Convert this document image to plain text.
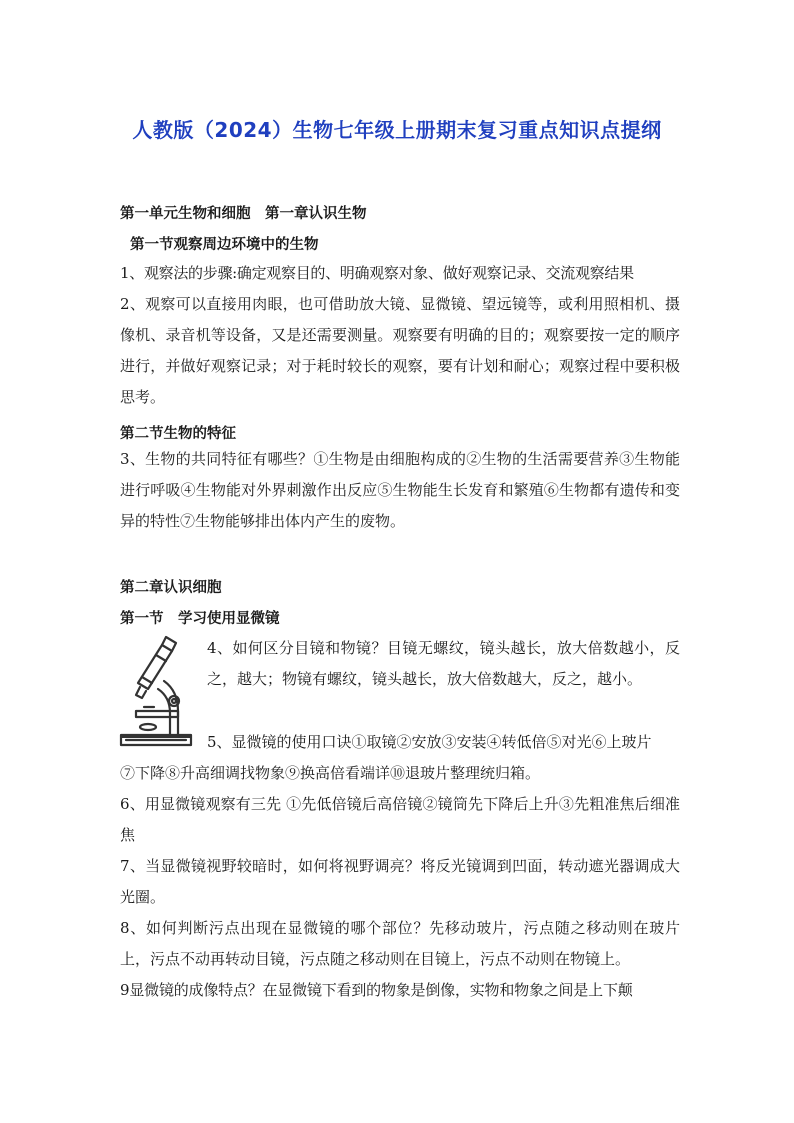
人教版（2024）生物七年级上册期末复习重点知识点提纲
第一单元生物和细胞　第一章认识生物
第一节观察周边环境中的生物
1、观察法的步骤:确定观察目的、明确观察对象、做好观察记录、交流观察结果
2、观察可以直接用肉眼，也可借助放大镜、显微镜、望远镜等，或利用照相机、摄像机、录音机等设备，又是还需要测量。观察要有明确的目的；观察要按一定的顺序进行，并做好观察记录；对于耗时较长的观察，要有计划和耐心；观察过程中要积极思考。
第二节生物的特征
3、生物的共同特征有哪些？①生物是由细胞构成的②生物的生活需要营养③生物能进行呼吸④生物能对外界刺激作出反应⑤生物能生长发育和繁殖⑥生物都有遗传和变异的特性⑦生物能够排出体内产生的废物。
第二章认识细胞
第一节　学习使用显微镜
4、如何区分目镜和物镜？目镜无螺纹，镜头越长，放大倍数越小，反之，越大；物镜有螺纹，镜头越长，放大倍数越大，反之，越小。
5、显微镜的使用口诀①取镜②安放③安装④转低倍⑤对光⑥上玻片
⑦下降⑧升高细调找物象⑨换高倍看端详⑩退玻片整理统归箱。
6、用显微镜观察有三先 ①先低倍镜后高倍镜②镜筒先下降后上升③先粗准焦后细准焦
7、当显微镜视野较暗时，如何将视野调亮？将反光镜调到凹面，转动遮光器调成大光圈。
8、如何判断污点出现在显微镜的哪个部位？先移动玻片，污点随之移动则在玻片上，污点不动再转动目镜，污点随之移动则在目镜上，污点不动则在物镜上。
9显微镜的成像特点？在显微镜下看到的物象是倒像，实物和物象之间是上下颠
